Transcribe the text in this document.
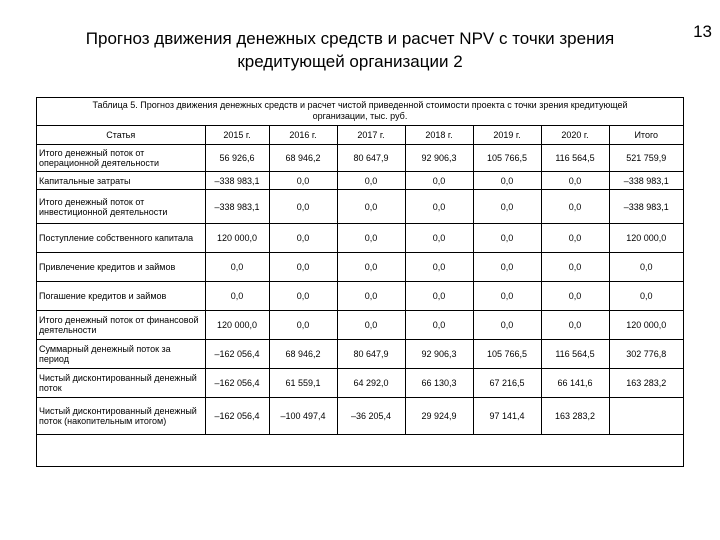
Прогноз движения денежных средств и расчет NPV с точки зрения
кредитующей организации 2
13
Таблица 5. Прогноз движения денежных средств и расчет чистой приведенной стоимости проекта с точки зрения кредитующей организации, тыс. руб.
Статья	2015 г.	2016 г.	2017 г.	2018 г.	2019 г.	2020 г.	Итого
Итого денежный поток от операционной деятельности	56 926,6	68 946,2	80 647,9	92 906,3	105 766,5	116 564,5	521 759,9
Капитальные затраты	–338 983,1	0,0	0,0	0,0	0,0	0,0	–338 983,1
Итого денежный поток от инвестиционной деятельности	–338 983,1	0,0	0,0	0,0	0,0	0,0	–338 983,1
Поступление собственного капитала	120 000,0	0,0	0,0	0,0	0,0	0,0	120 000,0
Привлечение кредитов и займов	0,0	0,0	0,0	0,0	0,0	0,0	0,0
Погашение кредитов и займов	0,0	0,0	0,0	0,0	0,0	0,0	0,0
Итого денежный поток от финансовой деятельности	120 000,0	0,0	0,0	0,0	0,0	0,0	120 000,0
Суммарный денежный поток за период	–162 056,4	68 946,2	80 647,9	92 906,3	105 766,5	116 564,5	302 776,8
Чистый дисконтированный денежный поток	–162 056,4	61 559,1	64 292,0	66 130,3	67 216,5	66 141,6	163 283,2
Чистый дисконтированный денежный поток (накопительным итогом)	–162 056,4	–100 497,4	–36 205,4	29 924,9	97 141,4	163 283,2	
